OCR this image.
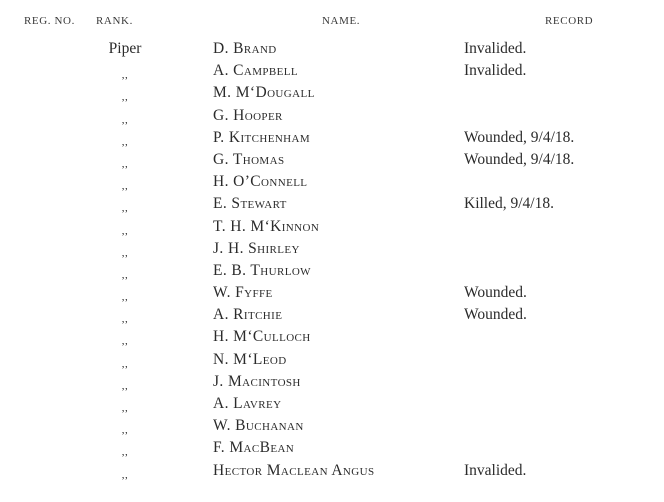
REG. NO. RANK.	NAME.	RECORD
Piper	D. Brand	Invalided.
,,	A. Campbell	Invalided.
,,	M. M‘Dougall
,,	G. Hooper
,,	P. Kitchenham	Wounded, 9/4/18.
,,	G. Thomas	Wounded, 9/4/18.
,,	H. O’Connell
,,	E. Stewart	Killed, 9/4/18.
,,	T. H. M‘Kinnon
,,	J. H. Shirley
,,	E. B. Thurlow
,,	W. Fyffe	Wounded.
,,	A. Ritchie	Wounded.
,,	H. M‘Culloch
,,	N. M‘Leod
,,	J. Macintosh
,,	A. Lavrey
,,	W. Buchanan
,,	F. MacBean
,,	Hector Maclean Angus	Invalided.
